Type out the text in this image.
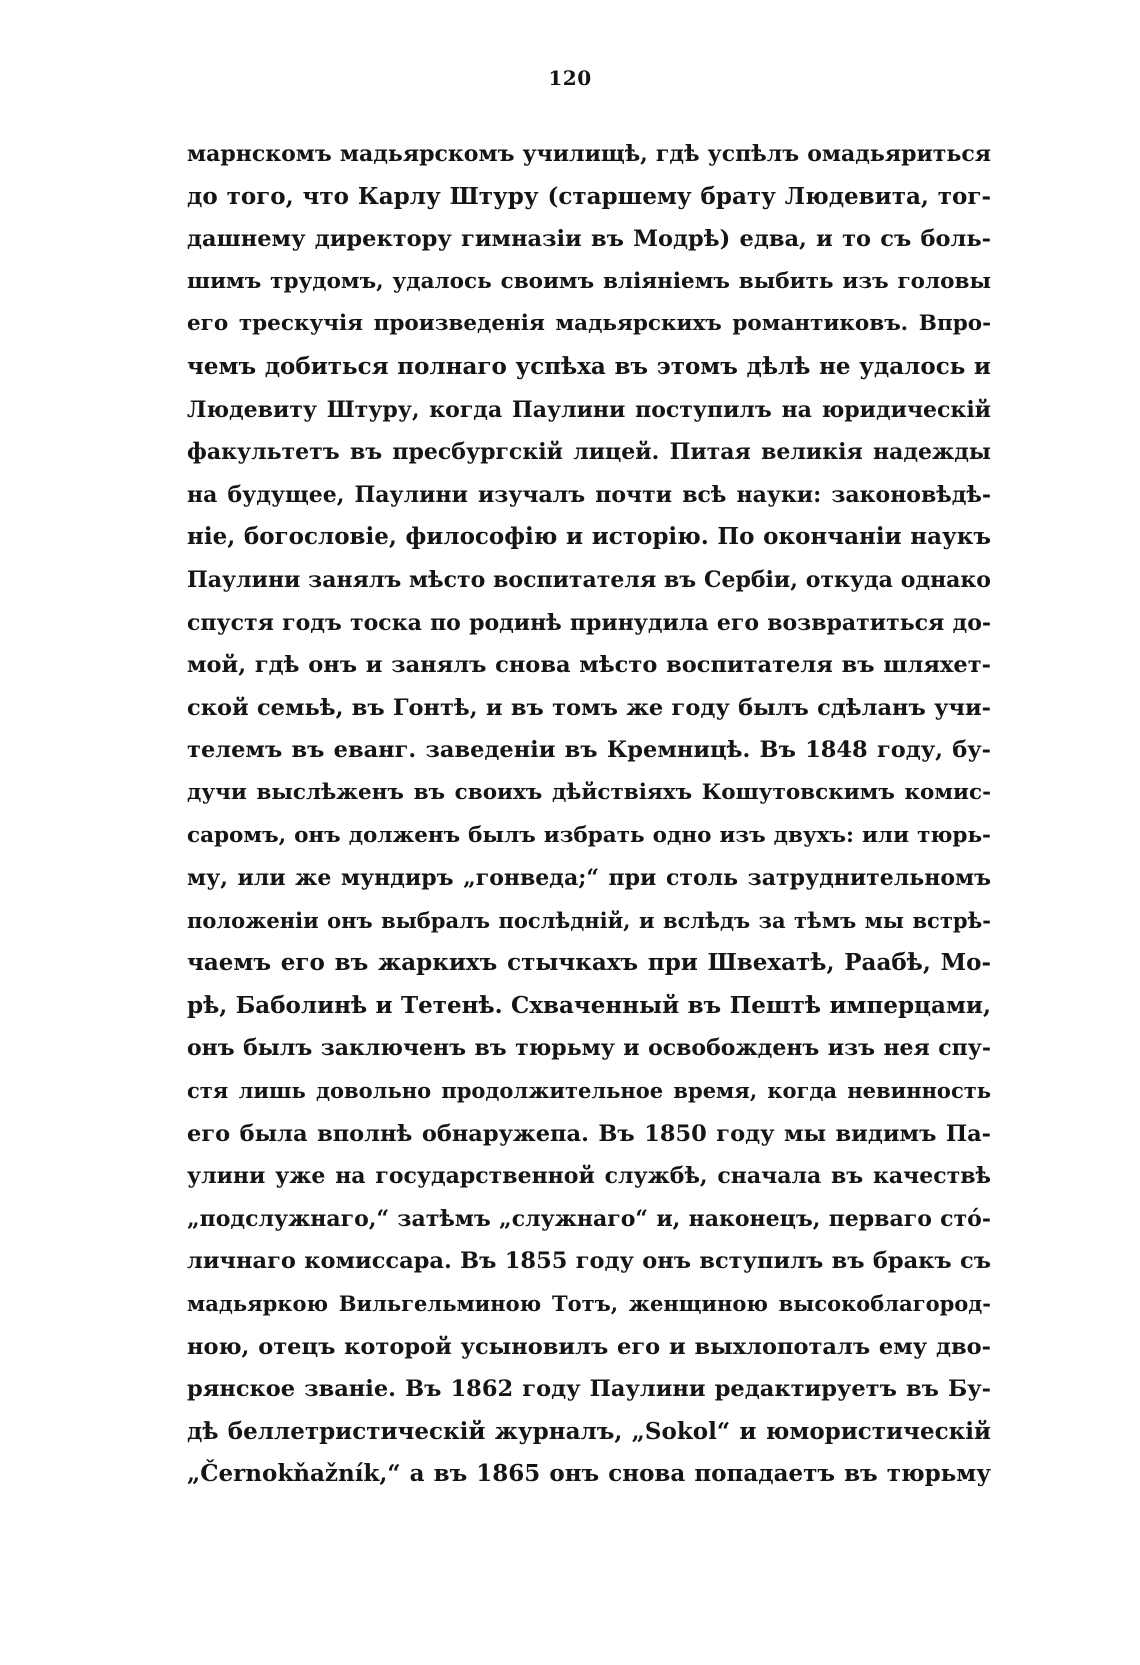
120
марнскомъ мадьярскомъ училищѣ, гдѣ успѣлъ омадьяриться
до того, что Карлу Штуру (старшему брату Людевита, тог-
дашнему директору гимназіи въ Модрѣ) едва, и то съ боль-
шимъ трудомъ, удалось своимъ вліяніемъ выбить изъ головы
его трескучія произведенія мадьярскихъ романтиковъ. Впро-
чемъ добиться полнаго успѣха въ этомъ дѣлѣ не удалось и
Людевиту Штуру, когда Паулини поступилъ на юридическій
факультетъ въ пресбургскій лицей. Питая великія надежды
на будущее, Паулини изучалъ почти всѣ науки: законовѣдѣ-
ніе, богословіе, философію и исторію. По окончаніи наукъ
Паулини занялъ мѣсто воспитателя въ Сербіи, откуда однако
спустя годъ тоска по родинѣ принудила его возвратиться до-
мой, гдѣ онъ и занялъ снова мѣсто воспитателя въ шляхет-
ской семьѣ, въ Гонтѣ, и въ томъ же году былъ сдѣланъ учи-
телемъ въ еванг. заведеніи въ Кремницѣ. Въ 1848 году, бу-
дучи выслѣженъ въ своихъ дѣйствіяхъ Кошутовскимъ комис-
саромъ, онъ долженъ былъ избрать одно изъ двухъ: или тюрь-
му, или же мундиръ „гонведа;“ при столь затруднительномъ
положеніи онъ выбралъ послѣдній, и вслѣдъ за тѣмъ мы встрѣ-
чаемъ его въ жаркихъ стычкахъ при Швехатѣ, Раабѣ, Мо-
рѣ, Баболинѣ и Тетенѣ. Схваченный въ Пештѣ имперцами,
онъ былъ заключенъ въ тюрьму и освобожденъ изъ нея спу-
стя лишь довольно продолжительное время, когда невинность
его была вполнѣ обнаружепа. Въ 1850 году мы видимъ Па-
улини уже на государственной службѣ, сначала въ качествѣ
„подслужнаго,“ затѣмъ „служнаго“ и, наконецъ, перваго сто́-
личнаго комиссара. Въ 1855 году онъ вступилъ въ бракъ съ
мадьяркою Вильгельминою Тотъ, женщиною высокоблагород-
ною, отецъ которой усыновилъ его и выхлопоталъ ему дво-
рянское званіе. Въ 1862 году Паулини редактируетъ въ Бу-
дѣ беллетристическій журналъ, „Sokol“ и юмористическій
„Černokňažník,“ а въ 1865 онъ снова попадаетъ въ тюрьму
